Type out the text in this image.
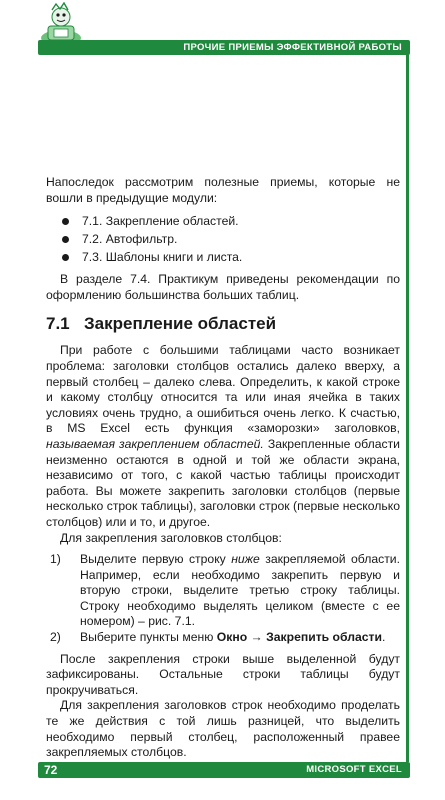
ПРОЧИЕ ПРИЕМЫ ЭФФЕКТИВНОЙ РАБОТЫ

Напоследок рассмотрим полезные приемы, которые не вошли в предыдущие модули:

7.1. Закрепление областей.
7.2. Автофильтр.
7.3. Шаблоны книги и листа.

В разделе 7.4. Практикум приведены рекомендации по оформлению большинства больших таблиц.

7.1 Закрепление областей

При работе с большими таблицами часто возникает проблема: заголовки столбцов остались далеко вверху, а первый столбец – далеко слева. Определить, к какой строке и какому столбцу относится та или иная ячейка в таких условиях очень трудно, а ошибиться очень легко. К счастью, в MS Excel есть функция «заморозки» заголовков, называемая закреплением областей. Закрепленные области неизменно остаются в одной и той же области экрана, независимо от того, с какой частью таблицы происходит работа. Вы можете закрепить заголовки столбцов (первые несколько строк таблицы), заголовки строк (первые несколько столбцов) или и то, и другое.

Для закрепления заголовков столбцов:

1) Выделите первую строку ниже закрепляемой области. Например, если необходимо закрепить первую и вторую строки, выделите третью строку таблицы. Строку необходимо выделять целиком (вместе с ее номером) – рис. 7.1.
2) Выберите пункты меню Окно → Закрепить области.

После закрепления строки выше выделенной будут зафиксированы. Остальные строки таблицы будут прокручиваться.

Для закрепления заголовков строк необходимо проделать те же действия с той лишь разницей, что выделить необходимо первый столбец, расположенный правее закрепляемых столбцов.

72	MICROSOFT EXCEL
